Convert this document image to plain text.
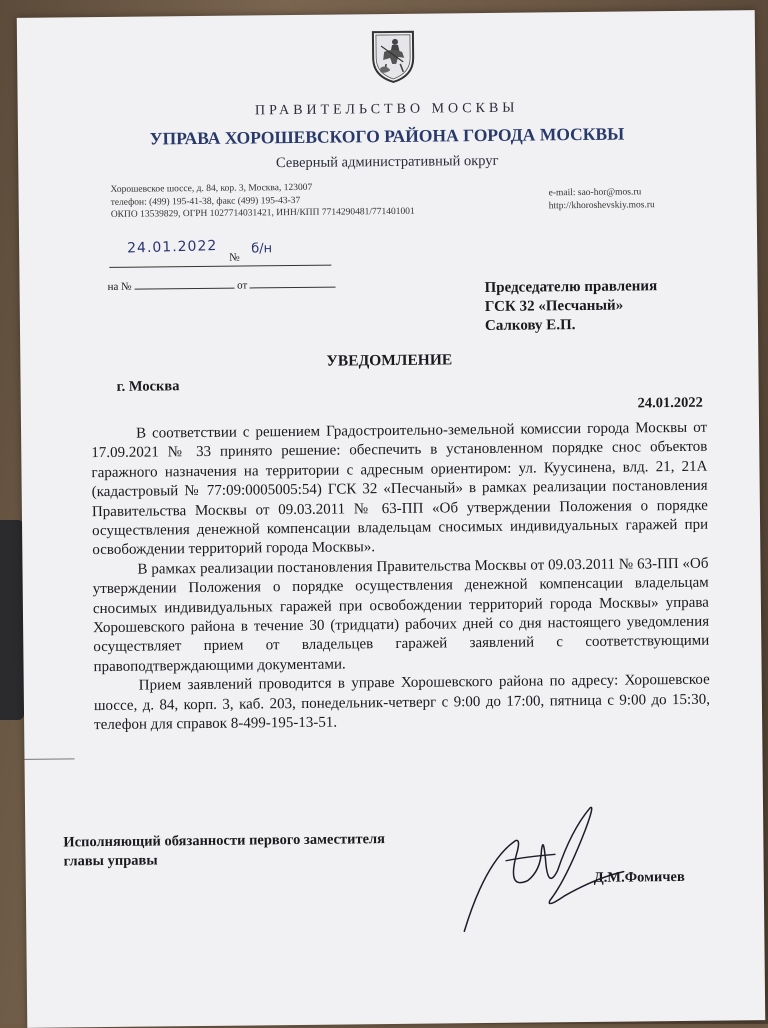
ПРАВИТЕЛЬСТВО МОСКВЫ
УПРАВА ХОРОШЕВСКОГО РАЙОНА ГОРОДА МОСКВЫ
Северный административный округ
Хорошевское шоссе, д. 84, кор. 3, Москва, 123007
телефон: (499) 195-41-38, факс (499) 195-43-37
ОКПО 13539829, ОГРН 1027714031421, ИНН/КПП 7714290481/771401001
e-mail: sao-hor@mos.ru
http://khoroshevskiy.mos.ru
24.01.2022
№
б/н
на №	от	Председателю правления
ГСК 32 «Песчаный»
Салкову Е.П.
УВЕДОМЛЕНИЕ
г. Москва
24.01.2022

В соответствии с решением Градостроительно-земельной комиссии города Москвы от 17.09.2021 № 33 принято решение: обеспечить в установленном порядке снос объектов гаражного назначения на территории с адресным ориентиром: ул. Куусинена, влд. 21, 21А (кадастровый № 77:09:0005005:54) ГСК 32 «Песчаный» в рамках реализации постановления Правительства Москвы от 09.03.2011 № 63-ПП «Об утверждении Положения о порядке осуществления денежной компенсации владельцам сносимых индивидуальных гаражей при освобождении территорий города Москвы».

В рамках реализации постановления Правительства Москвы от 09.03.2011 № 63-ПП «Об утверждении Положения о порядке осуществления денежной компенсации владельцам сносимых индивидуальных гаражей при освобождении территорий города Москвы» управа Хорошевского района в течение 30 (тридцати) рабочих дней со дня настоящего уведомления осуществляет прием от владельцев гаражей заявлений с соответствующими правоподтверждающими документами.

Прием заявлений проводится в управе Хорошевского района по адресу: Хорошевское шоссе, д. 84, корп. 3, каб. 203, понедельник-четверг с 9:00 до 17:00, пятница с 9:00 до 15:30, телефон для справок 8-499-195-13-51.

Исполняющий обязанности первого заместителя
главы управы
Д.М.Фомичев
